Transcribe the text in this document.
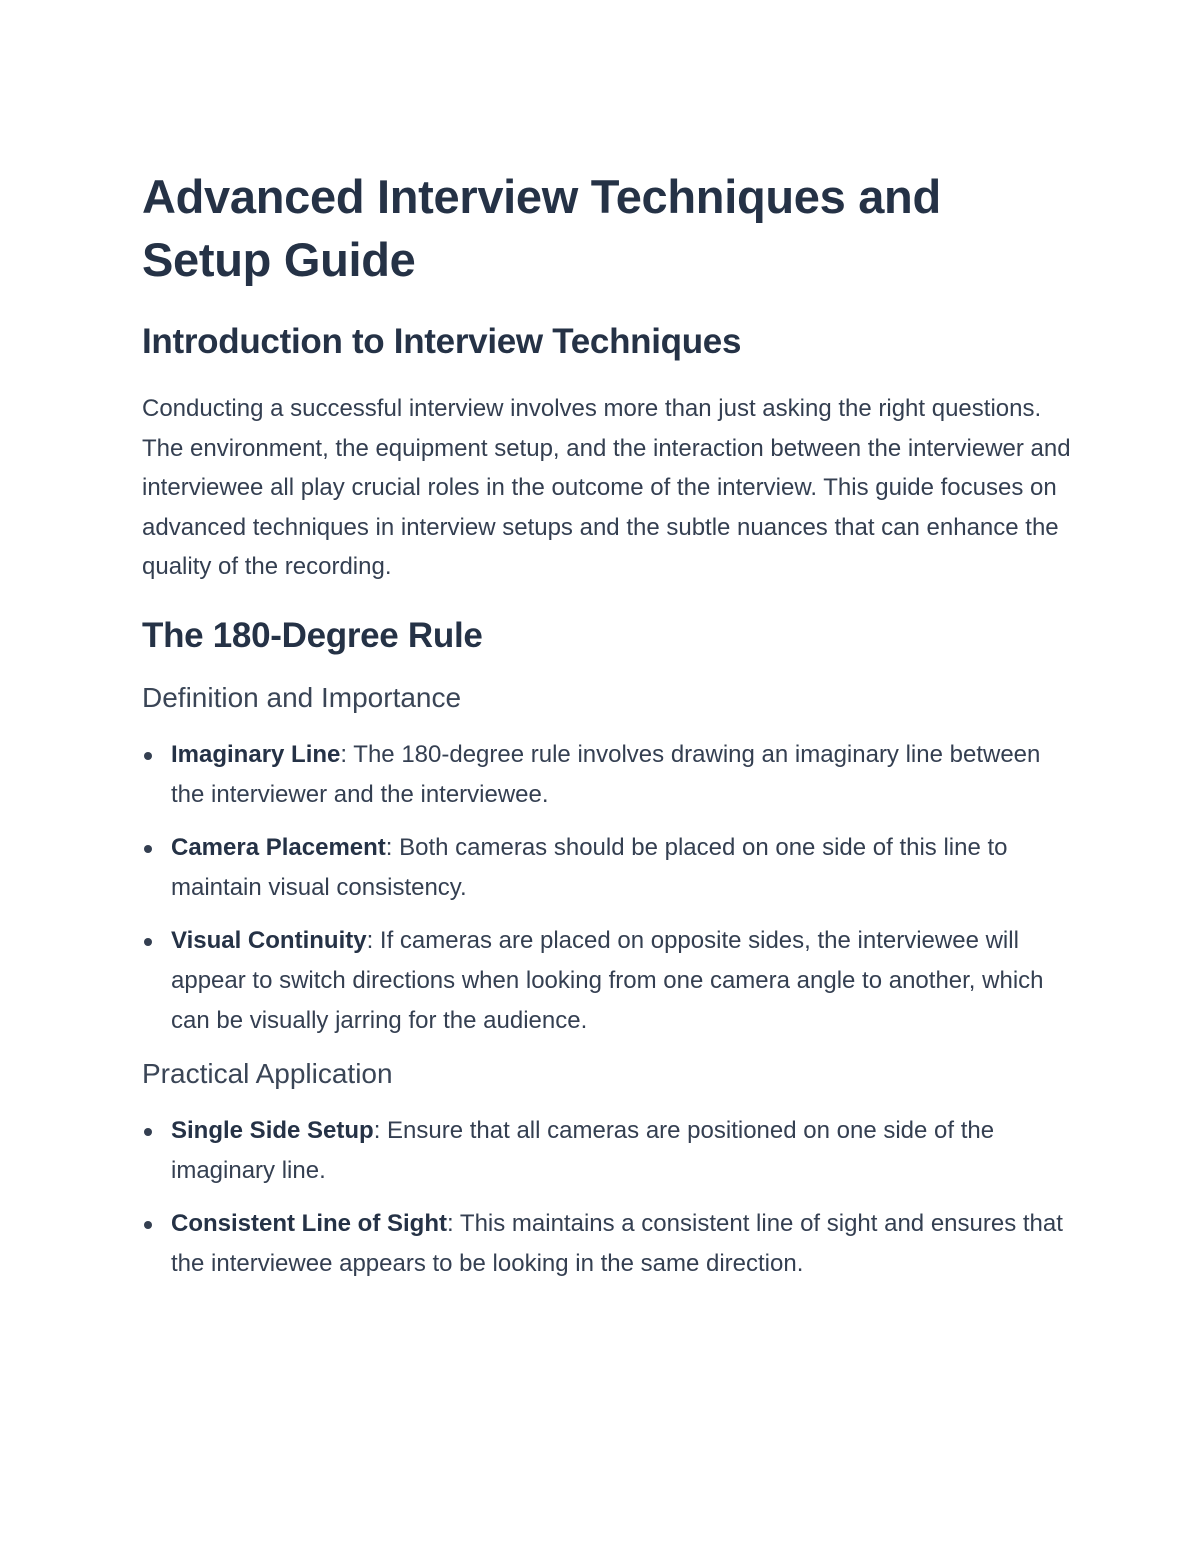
Advanced Interview Techniques and Setup Guide
Introduction to Interview Techniques

Conducting a successful interview involves more than just asking the right questions. The environment, the equipment setup, and the interaction between the interviewer and interviewee all play crucial roles in the outcome of the interview. This guide focuses on advanced techniques in interview setups and the subtle nuances that can enhance the quality of the recording.

The 180-Degree Rule
Definition and Importance
Imaginary Line: The 180-degree rule involves drawing an imaginary line between the interviewer and the interviewee.
Camera Placement: Both cameras should be placed on one side of this line to maintain visual consistency.
Visual Continuity: If cameras are placed on opposite sides, the interviewee will appear to switch directions when looking from one camera angle to another, which can be visually jarring for the audience.
Practical Application
Single Side Setup: Ensure that all cameras are positioned on one side of the imaginary line.
Consistent Line of Sight: This maintains a consistent line of sight and ensures that the interviewee appears to be looking in the same direction.
